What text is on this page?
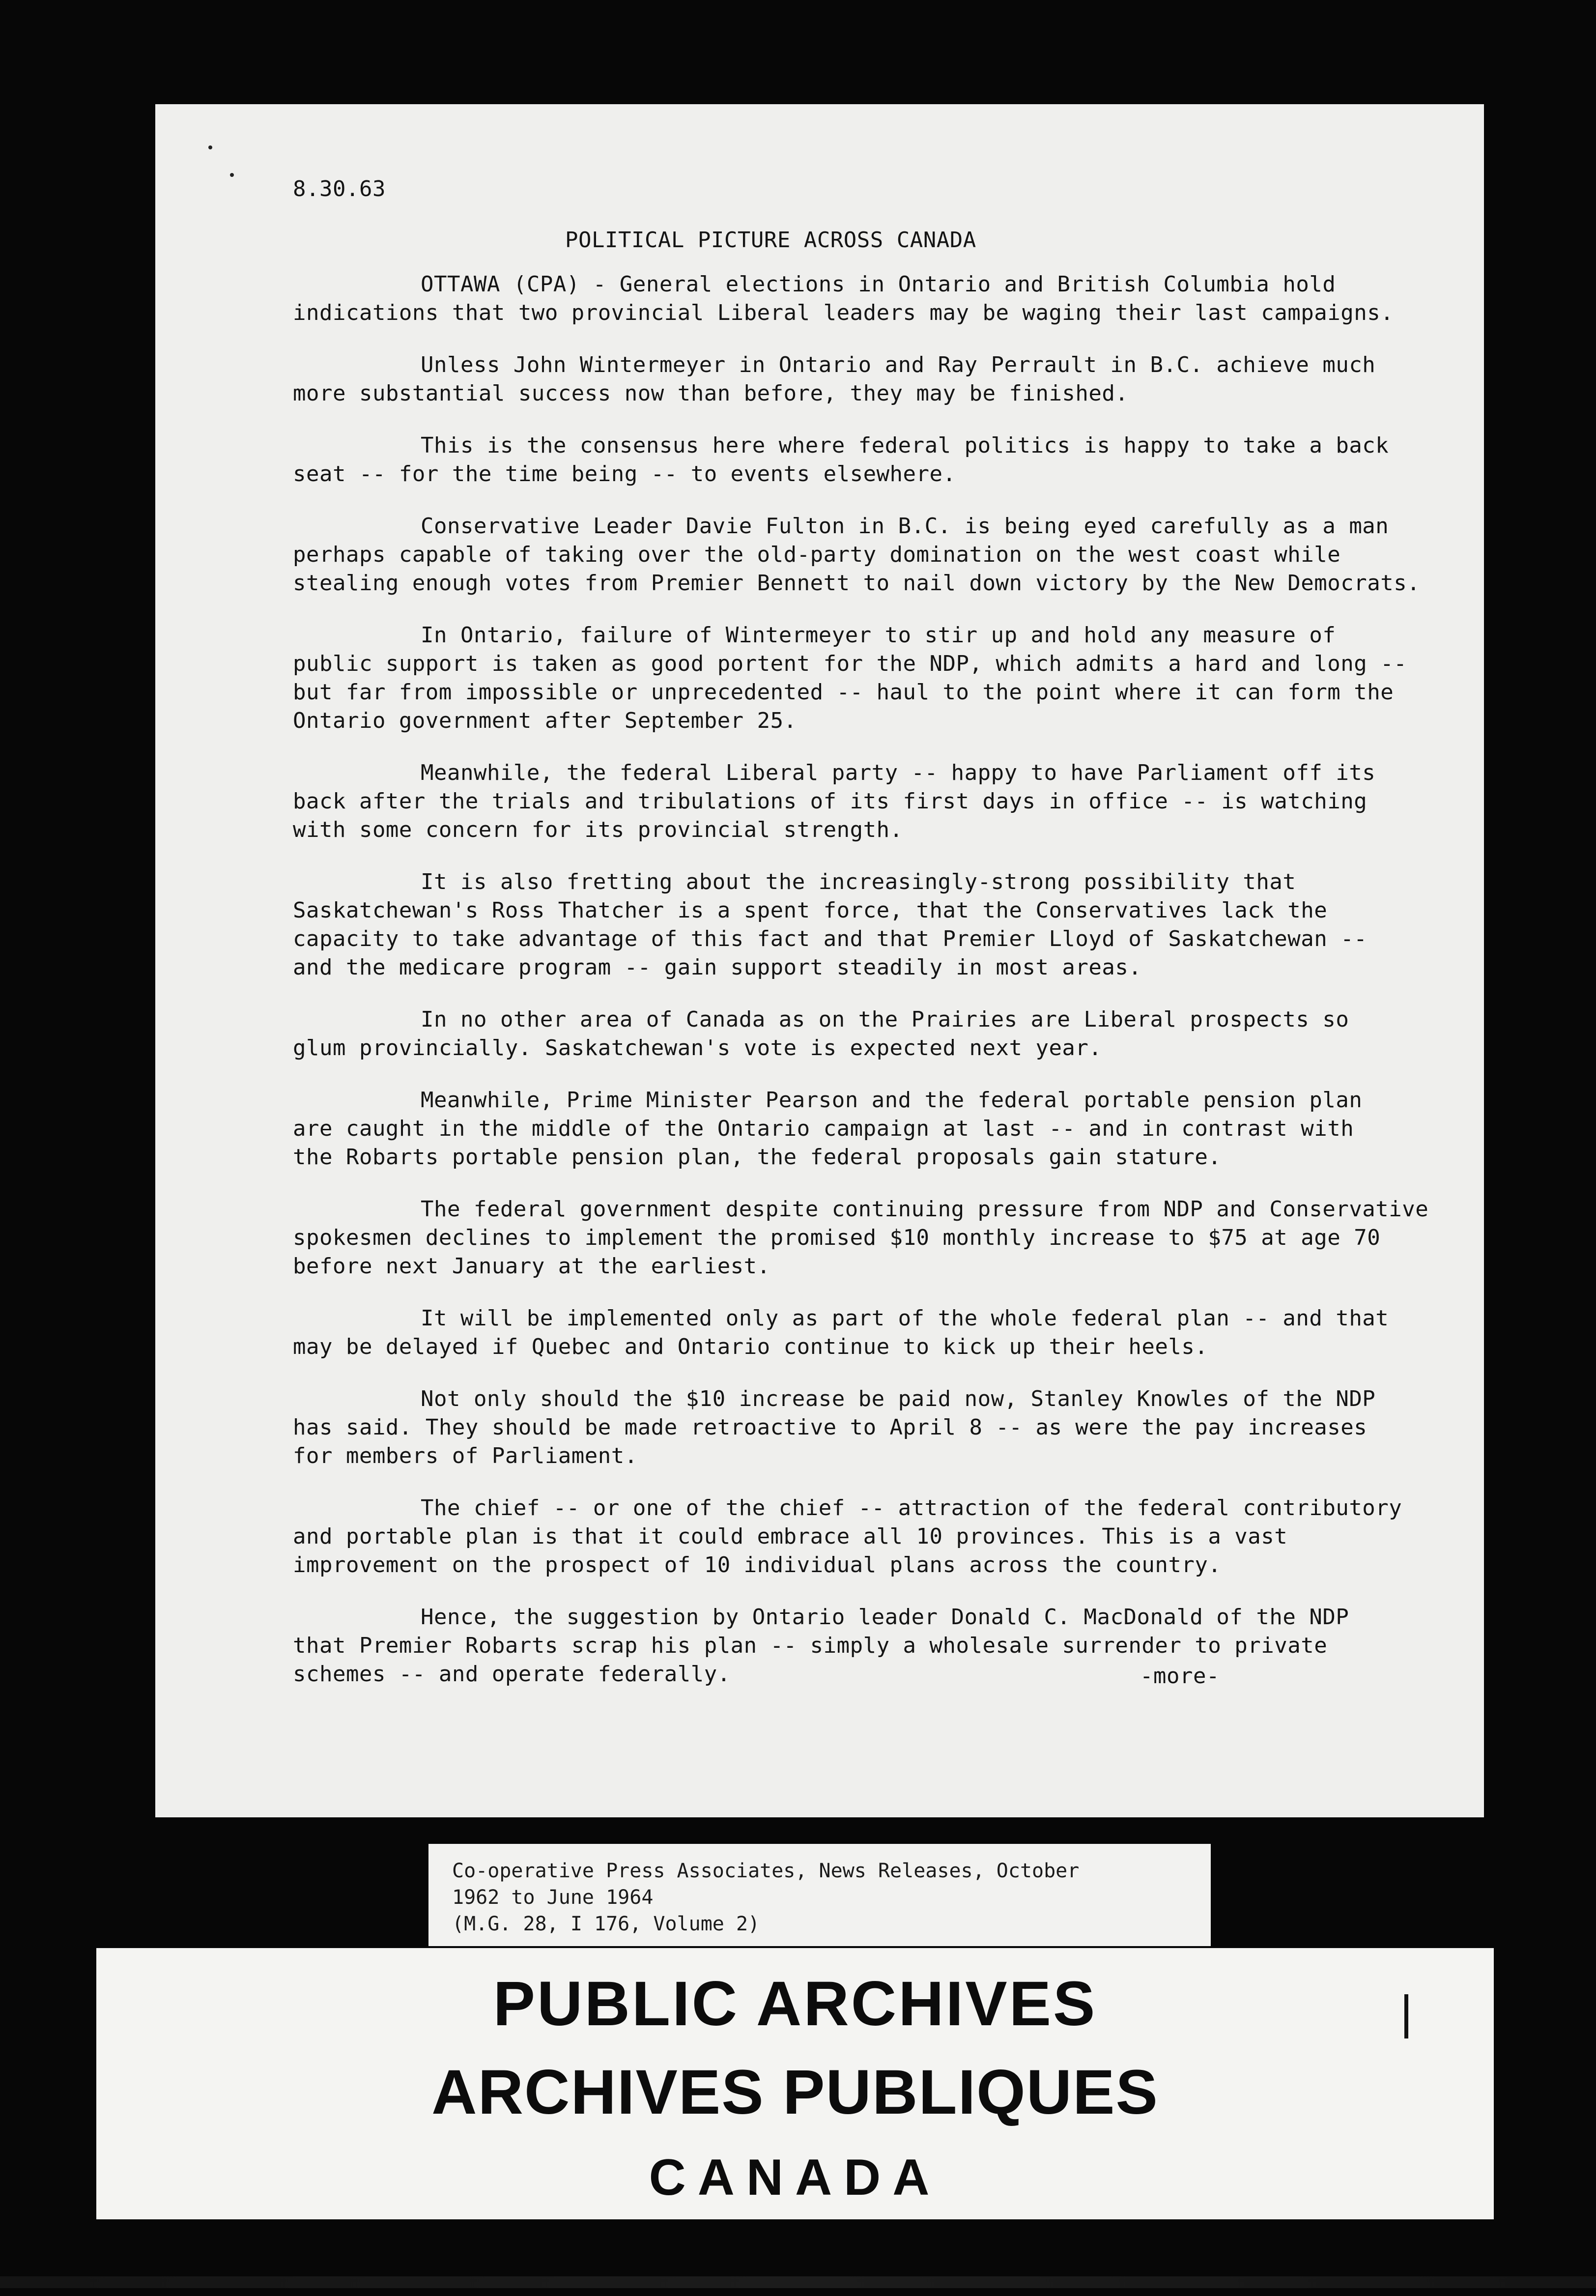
8.30.63
POLITICAL PICTURE ACROSS CANADA

OTTAWA (CPA) - General elections in Ontario and British Columbia hold
indications that two provincial Liberal leaders may be waging their last campaigns.

Unless John Wintermeyer in Ontario and Ray Perrault in B.C. achieve much
more substantial success now than before, they may be finished.

This is the consensus here where federal politics is happy to take a back
seat -- for the time being -- to events elsewhere.

Conservative Leader Davie Fulton in B.C. is being eyed carefully as a man
perhaps capable of taking over the old-party domination on the west coast while
stealing enough votes from Premier Bennett to nail down victory by the New Democrats.

In Ontario, failure of Wintermeyer to stir up and hold any measure of
public support is taken as good portent for the NDP, which admits a hard and long --
but far from impossible or unprecedented -- haul to the point where it can form the
Ontario government after September 25.

Meanwhile, the federal Liberal party -- happy to have Parliament off its
back after the trials and tribulations of its first days in office -- is watching
with some concern for its provincial strength.

It is also fretting about the increasingly-strong possibility that
Saskatchewan's Ross Thatcher is a spent force, that the Conservatives lack the
capacity to take advantage of this fact and that Premier Lloyd of Saskatchewan --
and the medicare program -- gain support steadily in most areas.

In no other area of Canada as on the Prairies are Liberal prospects so
glum provincially. Saskatchewan's vote is expected next year.

Meanwhile, Prime Minister Pearson and the federal portable pension plan
are caught in the middle of the Ontario campaign at last -- and in contrast with
the Robarts portable pension plan, the federal proposals gain stature.

The federal government despite continuing pressure from NDP and Conservative
spokesmen declines to implement the promised $10 monthly increase to $75 at age 70
before next January at the earliest.

It will be implemented only as part of the whole federal plan -- and that
may be delayed if Quebec and Ontario continue to kick up their heels.

Not only should the $10 increase be paid now, Stanley Knowles of the NDP
has said. They should be made retroactive to April 8 -- as were the pay increases
for members of Parliament.

The chief -- or one of the chief -- attraction of the federal contributory
and portable plan is that it could embrace all 10 provinces. This is a vast
improvement on the prospect of 10 individual plans across the country.

Hence, the suggestion by Ontario leader Donald C. MacDonald of the NDP
that Premier Robarts scrap his plan -- simply a wholesale surrender to private
schemes -- and operate federally.	-more-
Co-operative Press Associates, News Releases, October
1962 to June 1964
(M.G. 28, I 176, Volume 2)
PUBLIC ARCHIVES
ARCHIVES PUBLIQUES
CANADA
